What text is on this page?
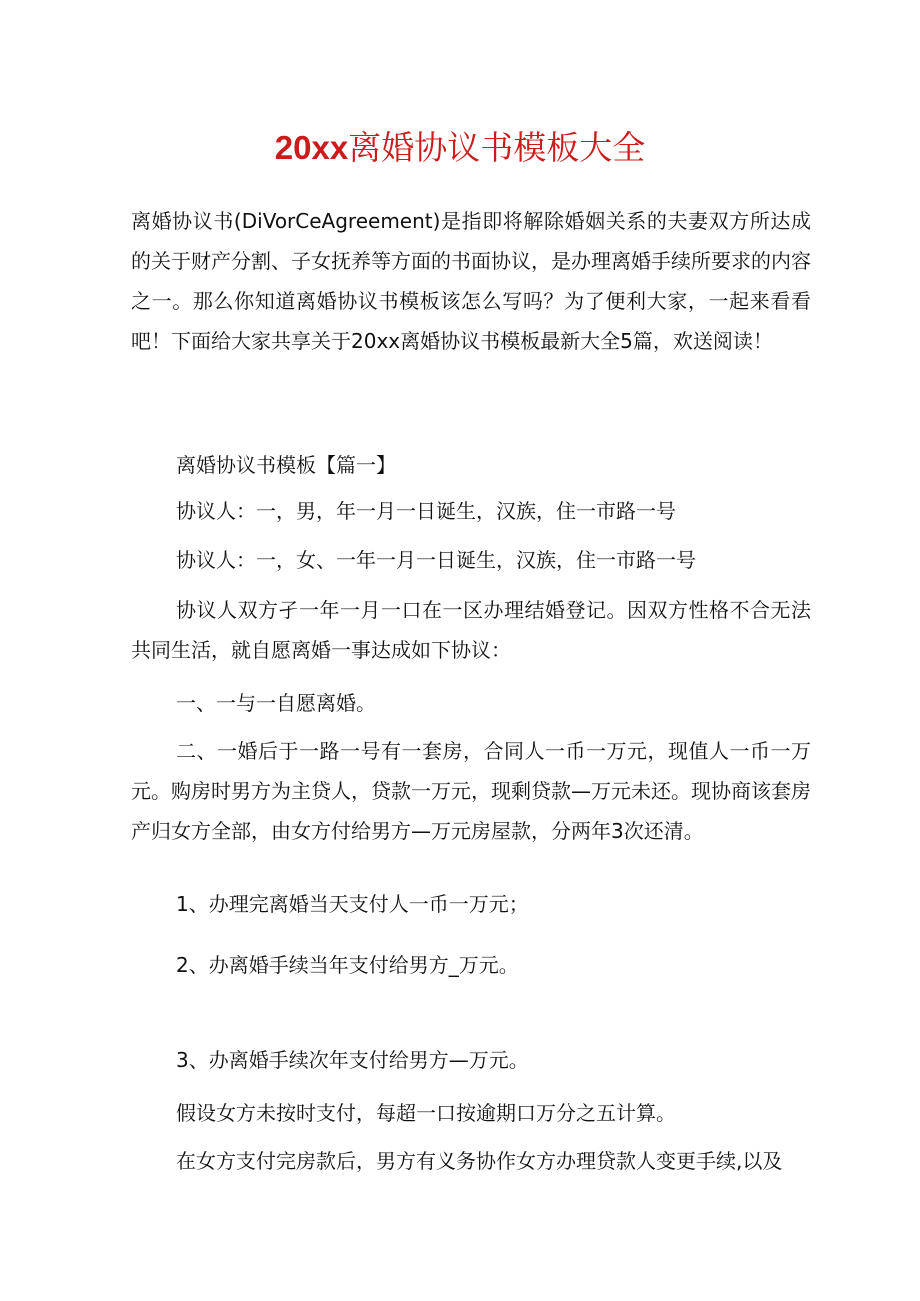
20xx离婚协议书模板大全

离婚协议书(DiVorCeAgreement)是指即将解除婚姻关系的夫妻双方所达成的关于财产分割、子女抚养等方面的书面协议，是办理离婚手续所要求的内容之一。那么你知道离婚协议书模板该怎么写吗？为了便利大家，一起来看看吧！下面给大家共享关于20xx离婚协议书模板最新大全5篇，欢送阅读！

离婚协议书模板【篇一】

协议人：一，男，年一月一日诞生，汉族，住一市路一号

协议人：一，女、一年一月一日诞生，汉族，住一市路一号

协议人双方孑一年一月一口在一区办理结婚登记。因双方性格不合无法共同生活，就自愿离婚一事达成如下协议：

一、一与一自愿离婚。

二、一婚后于一路一号有一套房，合同人一币一万元，现值人一币一万元。购房时男方为主贷人，贷款一万元，现剩贷款—万元未还。现协商该套房产归女方全部，由女方付给男方—万元房屋款，分两年3次还清。

1、办理完离婚当天支付人一币一万元；

2、办离婚手续当年支付给男方_万元。

3、办离婚手续次年支付给男方—万元。

假设女方未按时支付，每超一口按逾期口万分之五计算。

在女方支付完房款后，男方有义务协作女方办理贷款人变更手续,以及
